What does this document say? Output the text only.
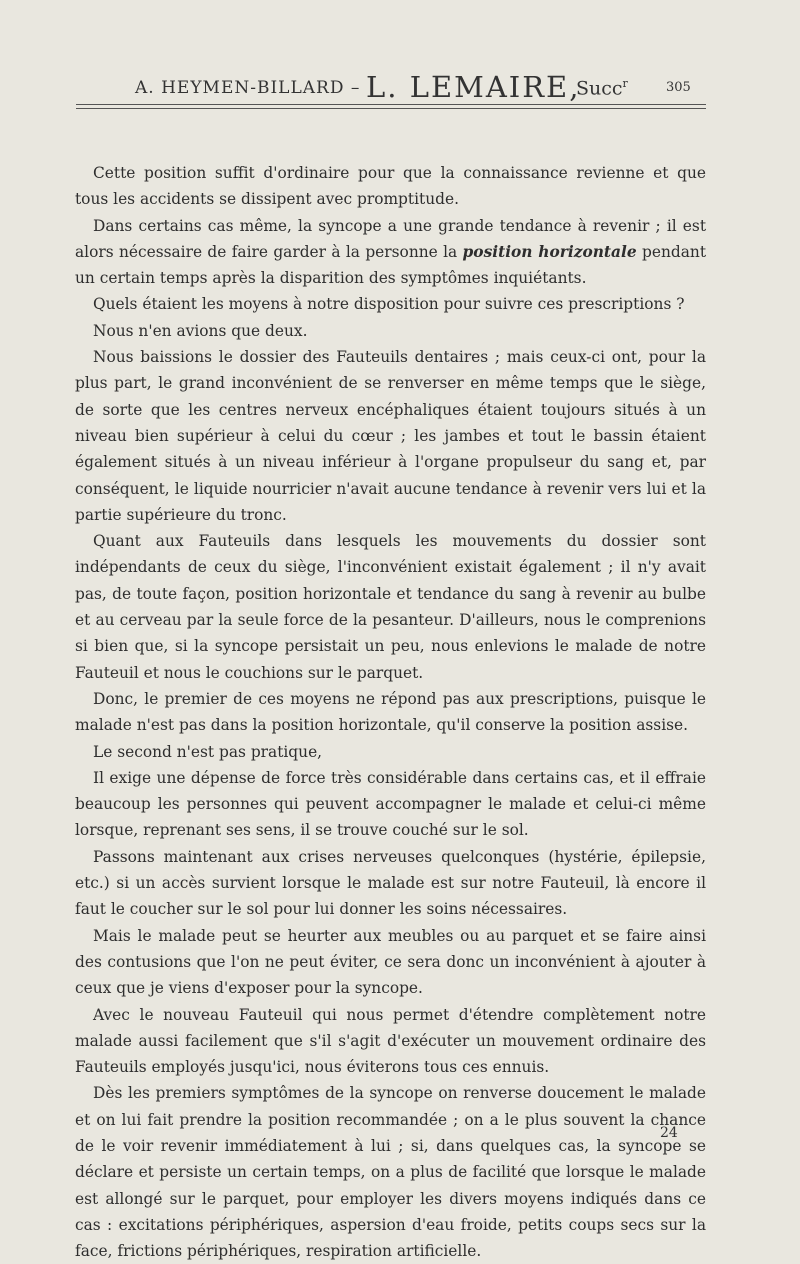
A. HEYMEN-BILLARD – L. LEMAIRE,
Succ$^r$	305

Cette position suffit d'ordinaire pour que la connaissance revienne et que tous les accidents se dissipent avec promptitude.

Dans certains cas même, la syncope a une grande tendance à revenir ; il est alors nécessaire de faire garder à la personne la position horizontale pendant un certain temps après la disparition des symptômes inquiétants.

Quels étaient les moyens à notre disposition pour suivre ces prescriptions ?

Nous n'en avions que deux.

Nous baissions le dossier des Fauteuils dentaires ; mais ceux-ci ont, pour la plus part, le grand inconvénient de se renverser en même temps que le siège, de sorte que les centres nerveux encéphaliques étaient toujours situés à un niveau bien supérieur à celui du cœur ; les jambes et tout le bassin étaient également situés à un niveau inférieur à l'organe propulseur du sang et, par conséquent, le liquide nourricier n'avait aucune tendance à revenir vers lui et la partie supérieure du tronc.

Quant aux Fauteuils dans lesquels les mouvements du dossier sont indépendants de ceux du siège, l'inconvénient existait également ; il n'y avait pas, de toute façon, position horizontale et tendance du sang à revenir au bulbe et au cerveau par la seule force de la pesanteur. D'ailleurs, nous le comprenions si bien que, si la syncope persistait un peu, nous enlevions le malade de notre Fauteuil et nous le couchions sur le parquet.

Donc, le premier de ces moyens ne répond pas aux prescriptions, puisque le malade n'est pas dans la position horizontale, qu'il conserve la position assise.

Le second n'est pas pratique,

Il exige une dépense de force très considérable dans certains cas, et il effraie beaucoup les personnes qui peuvent accompagner le malade et celui-ci même lorsque, reprenant ses sens, il se trouve couché sur le sol.

Passons maintenant aux crises nerveuses quelconques (hystérie, épilepsie, etc.) si un accès survient lorsque le malade est sur notre Fauteuil, là encore il faut le coucher sur le sol pour lui donner les soins nécessaires.

Mais le malade peut se heurter aux meubles ou au parquet et se faire ainsi des contusions que l'on ne peut éviter, ce sera donc un inconvénient à ajouter à ceux que je viens d'exposer pour la syncope.

Avec le nouveau Fauteuil qui nous permet d'étendre complètement notre malade aussi facilement que s'il s'agit d'exécuter un mouvement ordinaire des Fauteuils employés jusqu'ici, nous éviterons tous ces ennuis.

Dès les premiers symptômes de la syncope on renverse doucement le malade et on lui fait prendre la position recommandée ; on a le plus souvent la chance de le voir revenir immédiatement à lui ; si, dans quelques cas, la syncope se déclare et persiste un certain temps, on a plus de facilité que lorsque le malade est allongé sur le parquet, pour employer les divers moyens indiqués dans ce cas : excitations périphériques, aspersion d'eau froide, petits coups secs sur la face, frictions périphériques, respiration artificielle.

24
